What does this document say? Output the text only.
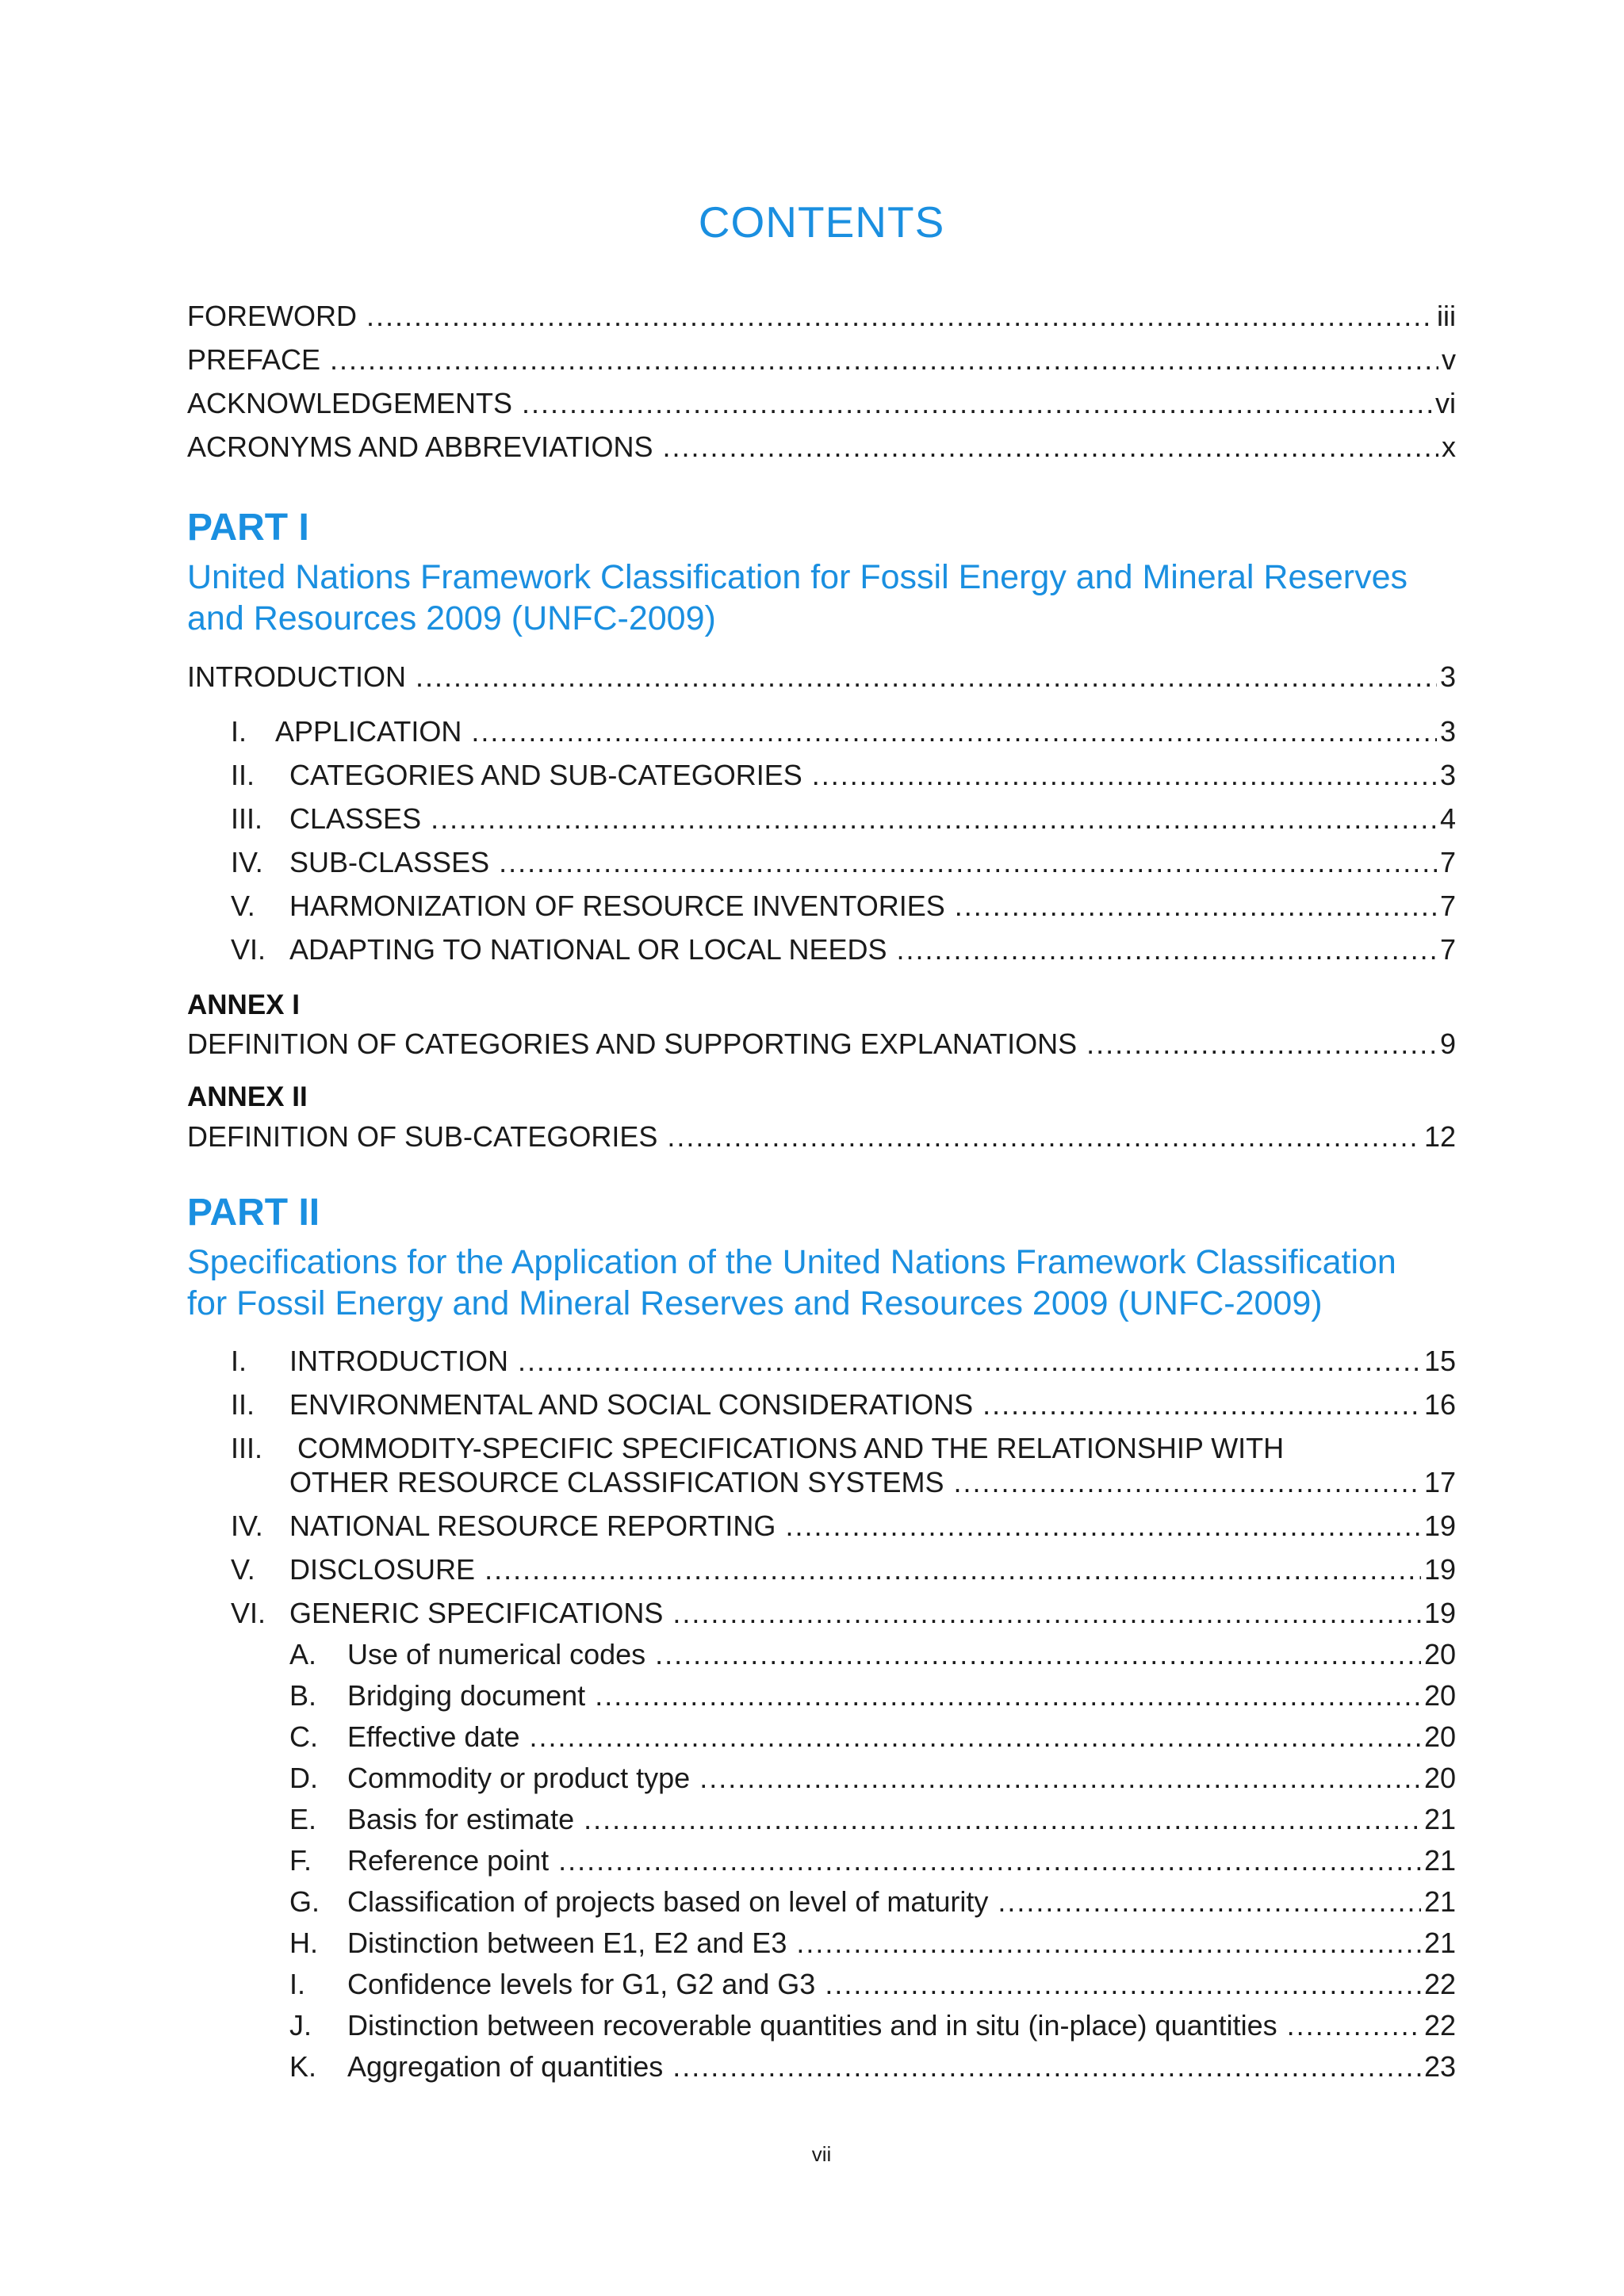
CONTENTS
FOREWORD .....	iii
PREFACE .....	v
ACKNOWLEDGEMENTS .....	vi
ACRONYMS AND ABBREVIATIONS .....	x
PART I
United Nations Framework Classification for Fossil Energy and Mineral Reserves
and Resources 2009 (UNFC-2009)
INTRODUCTION .....	3
I. APPLICATION .....	3
II.	CATEGORIES AND SUB-CATEGORIES .....	3
III. CLASSES .....	4
IV. SUB-CLASSES .....	7
V.	HARMONIZATION OF RESOURCE INVENTORIES .....	7
VI. ADAPTING TO NATIONAL OR LOCAL NEEDS .....	7
ANNEX I
DEFINITION OF CATEGORIES AND SUPPORTING EXPLANATIONS .....	9
ANNEX II
DEFINITION OF SUB-CATEGORIES .....	12
PART II
Specifications for the Application of the United Nations Framework Classification
for Fossil Energy and Mineral Reserves and Resources 2009 (UNFC-2009)
I.	INTRODUCTION .....	15
II.	ENVIRONMENTAL AND SOCIAL CONSIDERATIONS .....	16
III. COMMODITY-SPECIFIC SPECIFICATIONS AND THE RELATIONSHIP WITH
OTHER RESOURCE CLASSIFICATION SYSTEMS .....	17
IV. NATIONAL RESOURCE REPORTING .....	19
V.	DISCLOSURE .....	19
VI. GENERIC SPECIFICATIONS .....	19
A.	Use of numerical codes .....	20
B.	Bridging document .....	20
C.	Effective date .....	20
D.	Commodity or product type .....	20
E.	Basis for estimate .....	21
F.	Reference point .....	21
G. Classification of projects based on level of maturity .....	21
H.	Distinction between E1, E2 and E3 .....	21
I.	Confidence levels for G1, G2 and G3 .....	22
J.	Distinction between recoverable quantities and in situ (in-place) quantities .....	22
K.	Aggregation of quantities .....	23
vii
